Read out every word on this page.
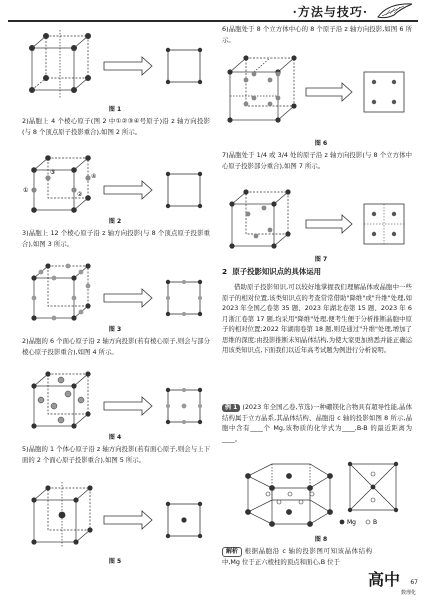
·方法与技巧·
图 1
2)晶胞上 4 个棱心原子(图 2 中①②③④号原子)沿 z 轴方向投影(与 8 个顶点原子投影重合),如图 2 所示。
①
②
③
④
图 2
3)晶胞上 12 个棱心原子沿 z 轴方向投影(与 8 个顶点原子投影重合),如图 3 所示。
图 3
2)晶胞的 6 个面心原子沿 z 轴方向投影(若有棱心原子,则会与部分棱心原子投影重合),如图 4 所示。
图 4
5)晶胞的 1 个体心原子沿 z 轴方向投影(若有面心原子,则会与上下面的 2 个面心原子投影重合),如图 5 所示。
图 5
6)晶胞处于 8 个立方体中心的 8 个原子沿 z 轴方向投影,如图 6 所示。
图 6
7)晶胞处于 1/4 或 3/4 处的原子沿 z 轴方向投影(与 8 个立方体中心原子投影部分重合),如图 7 所示。
图 7
2 原子投影知识点的具体运用
借助原子投影知识,可以较好地掌握我们理解晶体或晶胞中一些原子的相对位置,该类知识点的考查常常借助"降维"或"升维"处理,如 2023 年全国乙卷第 35 题、2023 年湖北卷第 15 题、2023 年 6 月浙江卷第 17 题,均采用"降维"处理,便考生便于分析推断晶胞中原子的相对位置;2022 年湖南卷第 18 题,则是通过"升维"处理,增加了思维的深度;由投影推断未知晶体结构,为使大家更加熟悉并能正确运用该类知识点,下面我们以近年高考试题为例进行分析说明。
例 1 (2023 年全国乙卷,节选)一种硼镁化合物具有超导性能,晶体结构属于立方晶系,其晶体结构、晶胞沿 c 轴的投影如图 8 所示,晶胞中含有____个 Mg,该物质的化学式为____,B-B 的最近距离为____。
Mg	B
图 8
解析 根据晶胞沿 c 轴的投影图可知该晶体结构中,Mg 位于正六棱柱的顶点和面心,B 位于
67
高中
数理化
